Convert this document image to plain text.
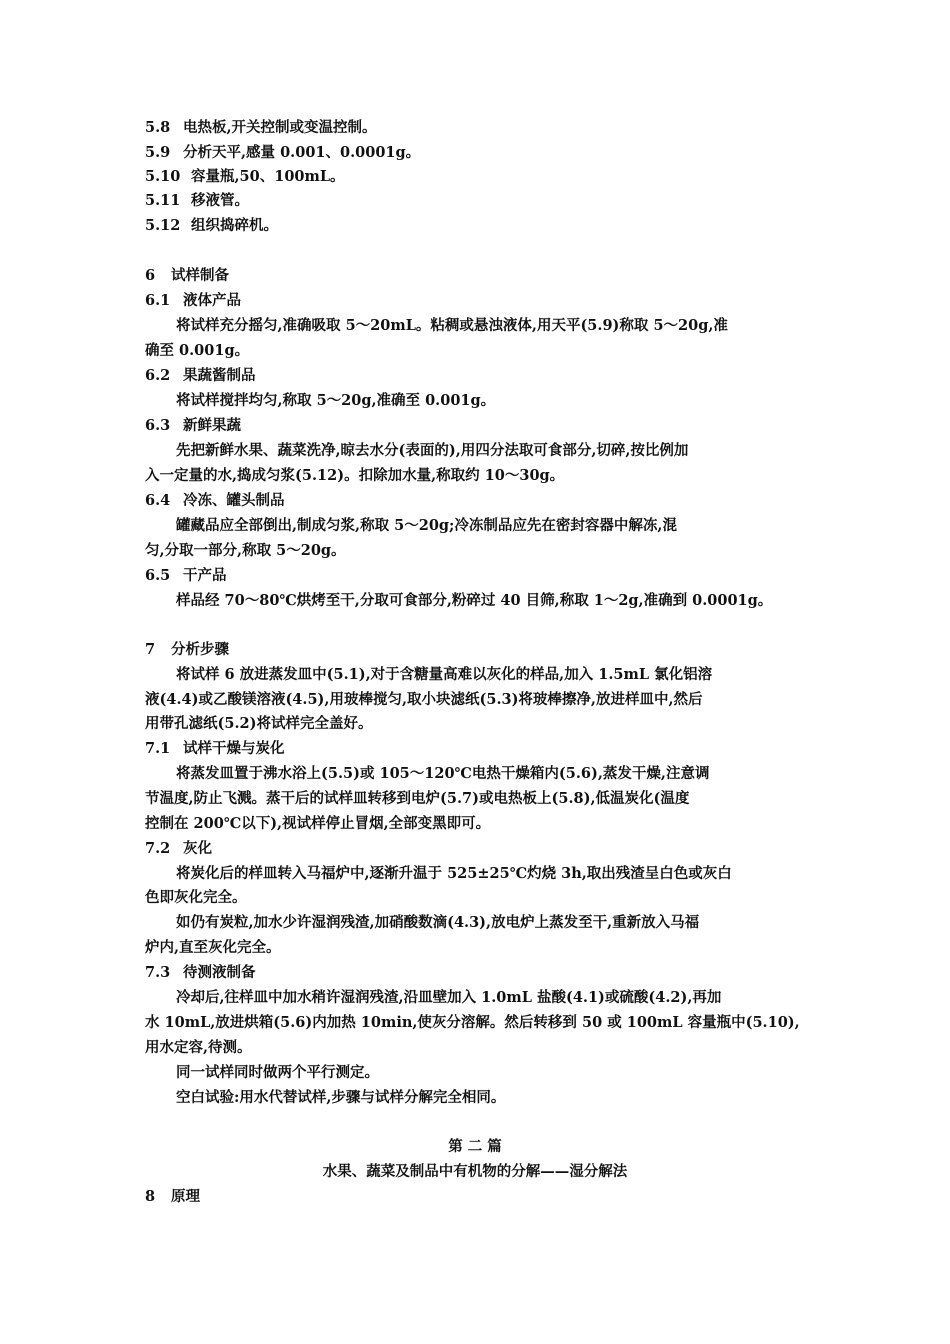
5.8 电热板,开关控制或变温控制。
5.9 分析天平,感量 0.001、0.0001g。
5.10 容量瓶,50、100mL。
5.11 移液管。
5.12 组织捣碎机。
6 试样制备
6.1 液体产品
将试样充分摇匀,准确吸取 5～20mL。粘稠或悬浊液体,用天平(5.9)称取 5～20g,准
确至 0.001g。
6.2 果蔬酱制品
将试样搅拌均匀,称取 5～20g,准确至 0.001g。
6.3 新鲜果蔬
先把新鲜水果、蔬菜洗净,晾去水分(表面的),用四分法取可食部分,切碎,按比例加
入一定量的水,捣成匀浆(5.12)。扣除加水量,称取约 10～30g。
6.4 冷冻、罐头制品
罐藏品应全部倒出,制成匀浆,称取 5～20g;冷冻制品应先在密封容器中解冻,混
匀,分取一部分,称取 5～20g。
6.5 干产品
样品经 70～80℃烘烤至干,分取可食部分,粉碎过 40 目筛,称取 1～2g,准确到 0.0001g。
7 分析步骤
将试样 6 放进蒸发皿中(5.1),对于含糖量高难以灰化的样品,加入 1.5mL 氯化铝溶
液(4.4)或乙酸镁溶液(4.5),用玻棒搅匀,取小块滤纸(5.3)将玻棒擦净,放进样皿中,然后
用带孔滤纸(5.2)将试样完全盖好。
7.1 试样干燥与炭化
将蒸发皿置于沸水浴上(5.5)或 105～120℃电热干燥箱内(5.6),蒸发干燥,注意调
节温度,防止飞溅。蒸干后的试样皿转移到电炉(5.7)或电热板上(5.8),低温炭化(温度
控制在 200℃以下),视试样停止冒烟,全部变黑即可。
7.2 灰化
将炭化后的样皿转入马福炉中,逐渐升温于 525±25℃灼烧 3h,取出残渣呈白色或灰白
色即灰化完全。
如仍有炭粒,加水少许湿润残渣,加硝酸数滴(4.3),放电炉上蒸发至干,重新放入马福
炉内,直至灰化完全。
7.3 待测液制备
冷却后,往样皿中加水稍许湿润残渣,沿皿壁加入 1.0mL 盐酸(4.1)或硫酸(4.2),再加
水 10mL,放进烘箱(5.6)内加热 10min,使灰分溶解。然后转移到 50 或 100mL 容量瓶中(5.10),
用水定容,待测。
同一试样同时做两个平行测定。
空白试验:用水代替试样,步骤与试样分解完全相同。
第 二 篇
水果、蔬菜及制品中有机物的分解——湿分解法
8 原理
